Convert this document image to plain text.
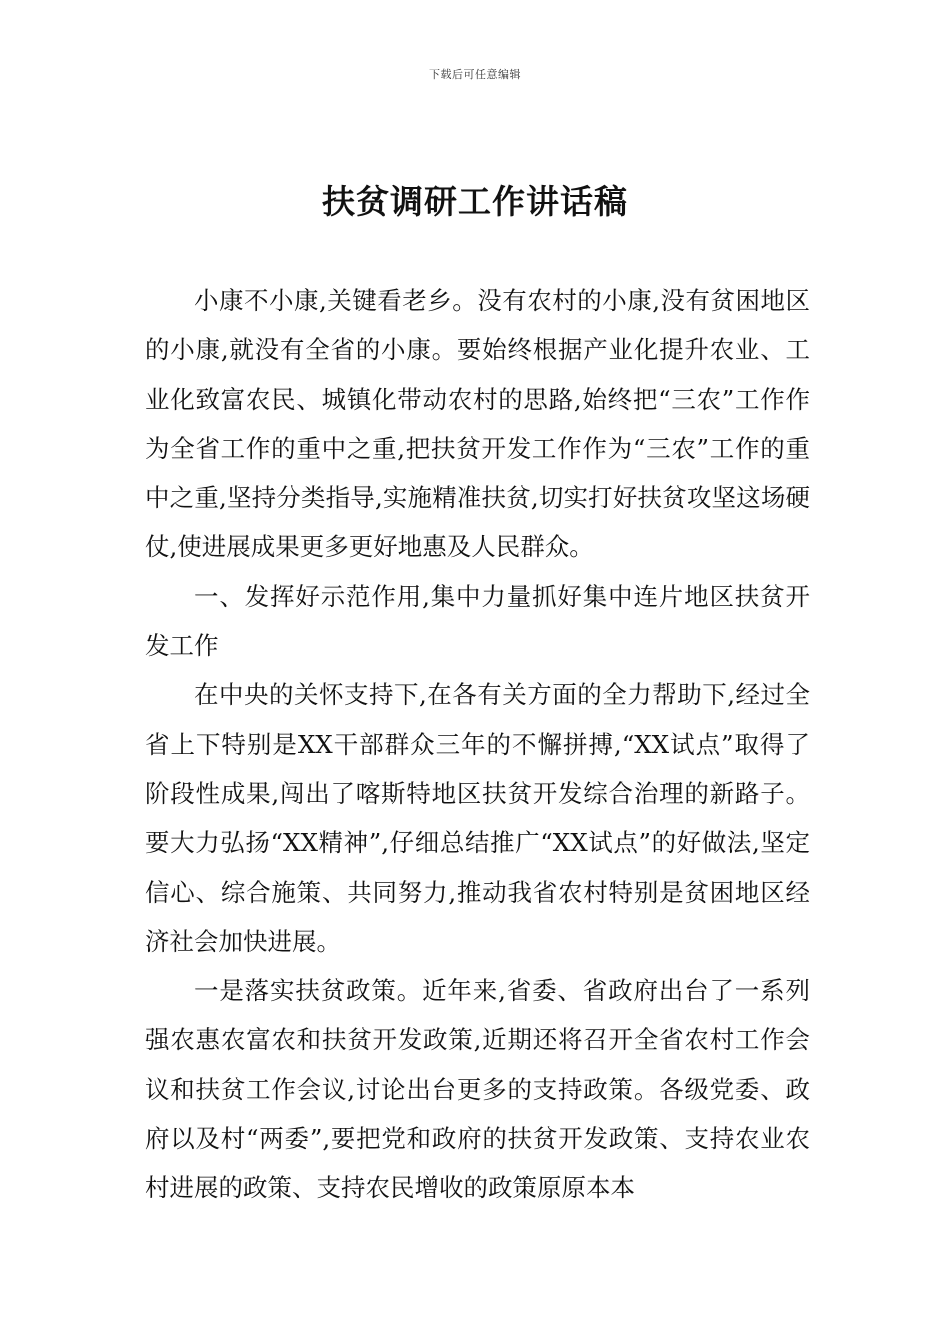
下载后可任意编辑
扶贫调研工作讲话稿

小康不小康,关键看老乡。没有农村的小康,没有贫困地区的小康,就没有全省的小康。要始终根据产业化提升农业、工业化致富农民、城镇化带动农村的思路,始终把“三农”工作作为全省工作的重中之重,把扶贫开发工作作为“三农”工作的重中之重,坚持分类指导,实施精准扶贫,切实打好扶贫攻坚这场硬仗,使进展成果更多更好地惠及人民群众。

一、发挥好示范作用,集中力量抓好集中连片地区扶贫开发工作

在中央的关怀支持下,在各有关方面的全力帮助下,经过全省上下特别是XX干部群众三年的不懈拼搏,“XX试点”取得了阶段性成果,闯出了喀斯特地区扶贫开发综合治理的新路子。要大力弘扬“XX精神”,仔细总结推广“XX试点”的好做法,坚定信心、综合施策、共同努力,推动我省农村特别是贫困地区经济社会加快进展。

一是落实扶贫政策。近年来,省委、省政府出台了一系列强农惠农富农和扶贫开发政策,近期还将召开全省农村工作会议和扶贫工作会议,讨论出台更多的支持政策。各级党委、政府以及村“两委”,要把党和政府的扶贫开发政策、支持农业农村进展的政策、支持农民增收的政策原原本本
